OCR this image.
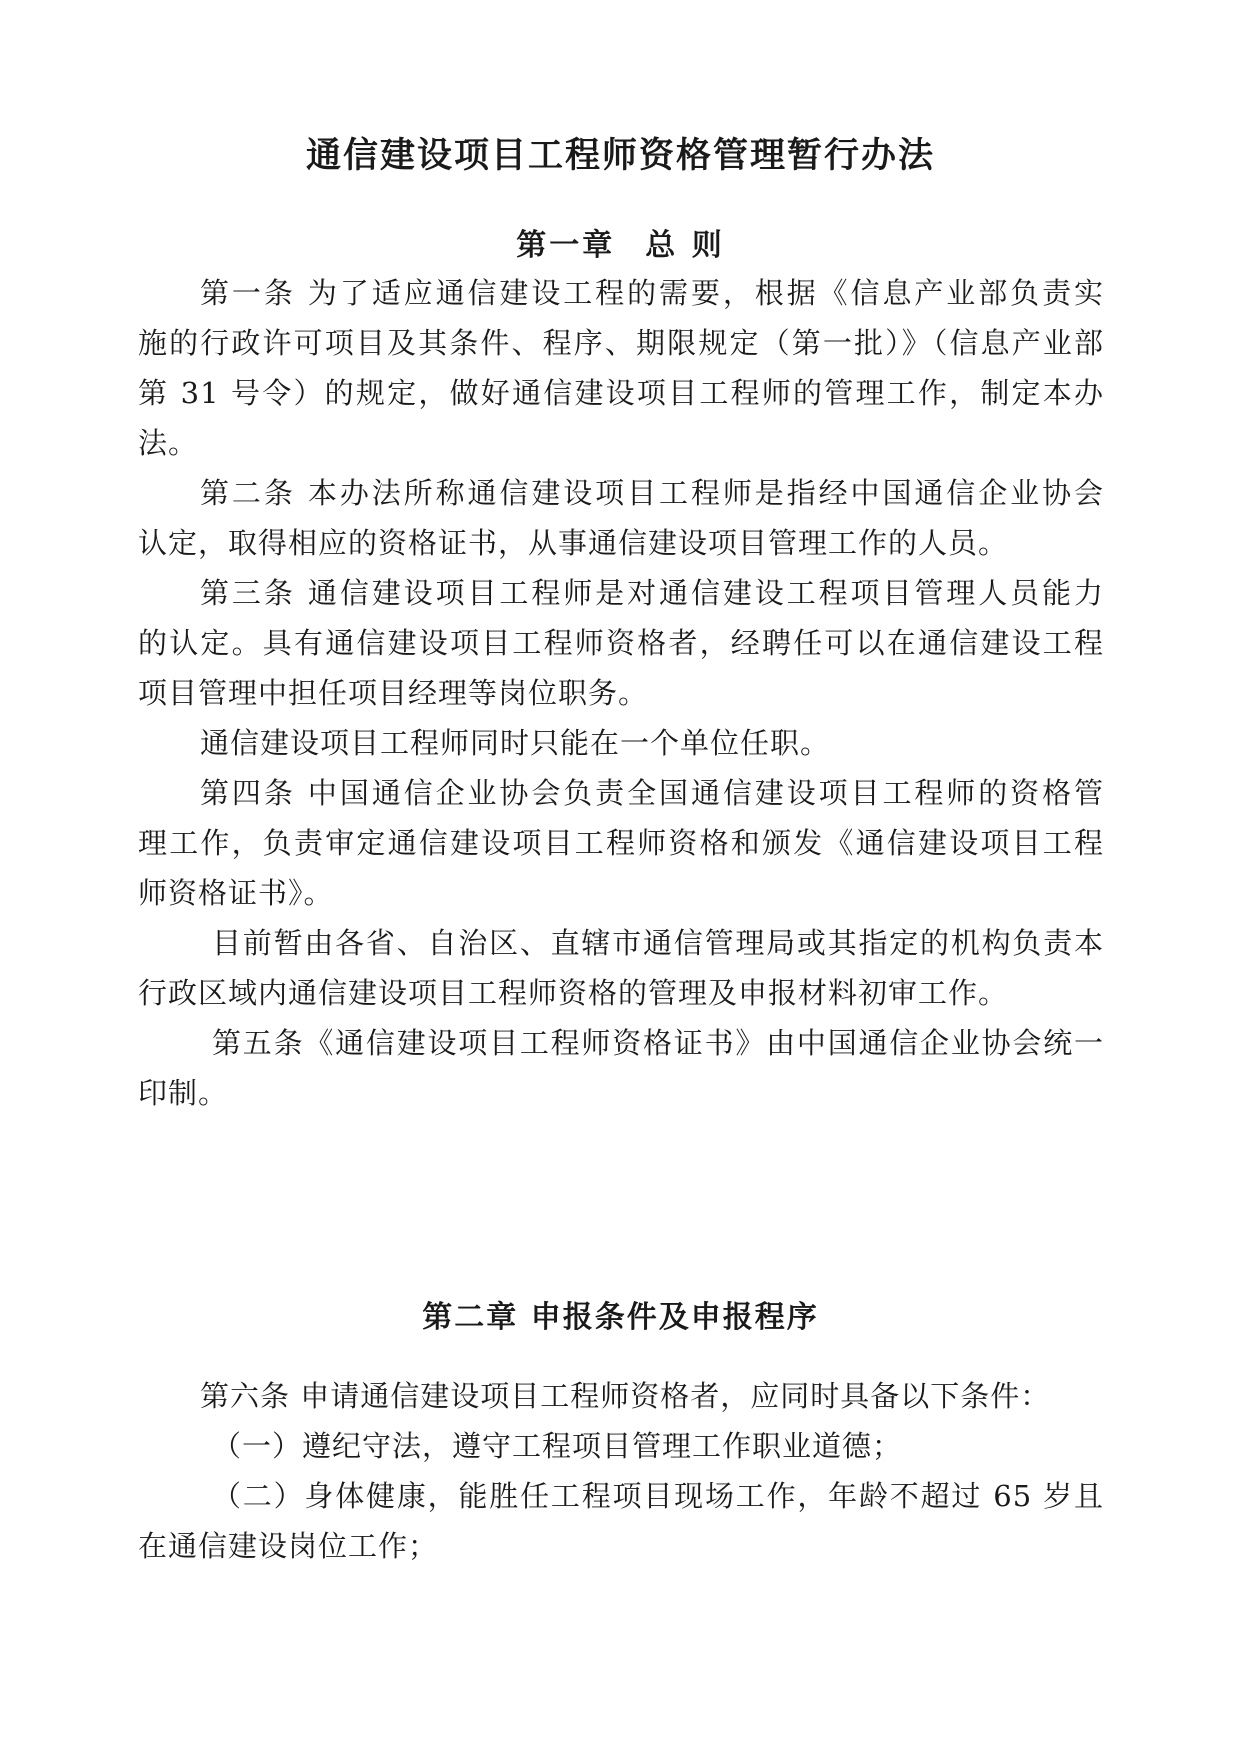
通信建设项目工程师资格管理暂行办法
第一章 总 则

第一条 为了适应通信建设工程的需要，根据《信息产业部负责实

施的行政许可项目及其条件、程序、期限规定（第一批）》（信息产业部

第 31 号令）的规定，做好通信建设项目工程师的管理工作，制定本办

法。

第二条 本办法所称通信建设项目工程师是指经中国通信企业协会

认定，取得相应的资格证书，从事通信建设项目管理工作的人员。

第三条 通信建设项目工程师是对通信建设工程项目管理人员能力

的认定。具有通信建设项目工程师资格者，经聘任可以在通信建设工程

项目管理中担任项目经理等岗位职务。

通信建设项目工程师同时只能在一个单位任职。

第四条 中国通信企业协会负责全国通信建设项目工程师的资格管

理工作，负责审定通信建设项目工程师资格和颁发《通信建设项目工程

师资格证书》。

目前暂由各省、自治区、直辖市通信管理局或其指定的机构负责本

行政区域内通信建设项目工程师资格的管理及申报材料初审工作。

第五条《通信建设项目工程师资格证书》由中国通信企业协会统一

印制。

第二章 申报条件及申报程序

第六条 申请通信建设项目工程师资格者，应同时具备以下条件：

（一）遵纪守法，遵守工程项目管理工作职业道德；

（二）身体健康，能胜任工程项目现场工作，年龄不超过 65 岁且

在通信建设岗位工作；
